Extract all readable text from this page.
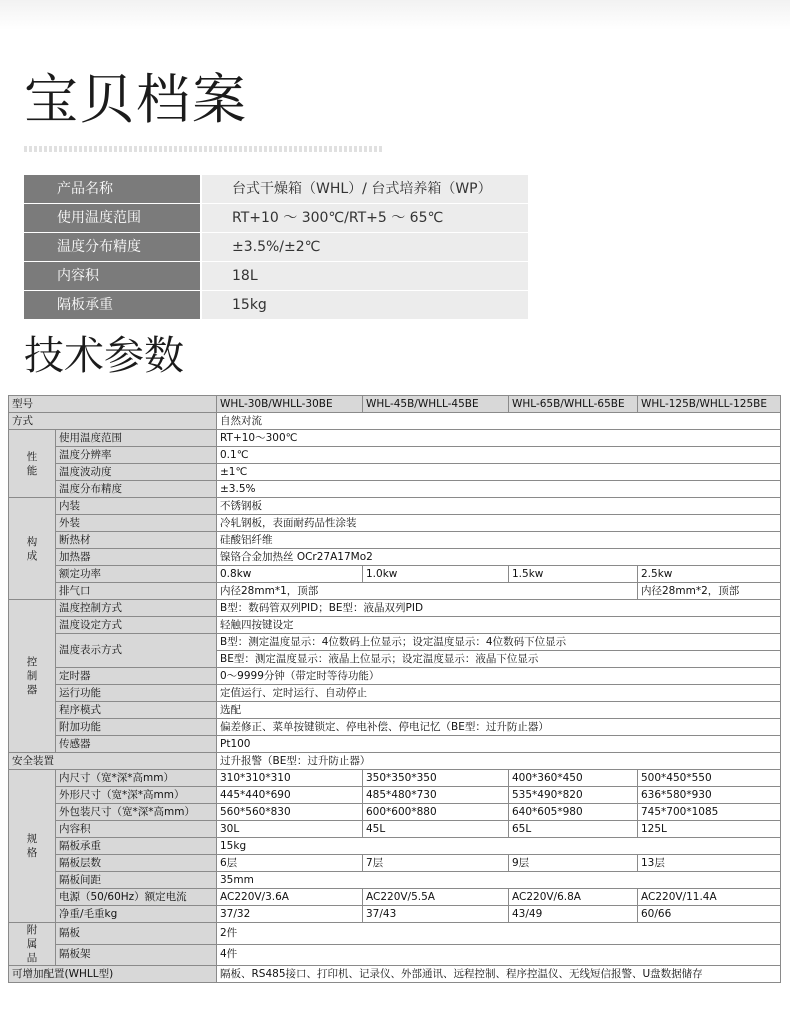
宝贝档案
产品名称	台式干燥箱（WHL）/ 台式培养箱（WP）
使用温度范围	RT+10 ～ 300℃/RT+5 ～ 65℃
温度分布精度	±3.5%/±2℃
内容积	18L
隔板承重	15kg
技术参数
型号		WHL-30B/WHLL-30BE	WHL-45B/WHLL-45BE	WHL-65B/WHLL-65BE	WHL-125B/WHLL-125BE
方式		自然对流			
性
能	使用温度范围	RT+10～300℃			
	温度分辨率	0.1℃			
	温度波动度	±1℃			
	温度分布精度	±3.5%			
构
成	内装	不锈钢板			
	外装	冷轧钢板，表面耐药品性涂装			
	断热材	硅酸铝纤维			
	加热器	镍铬合金加热丝 OCr27A17Mo2			
	额定功率	0.8kw	1.0kw	1.5kw	2.5kw
	排气口	内径28mm*1，顶部			内径28mm*2，顶部
控
制
器	温度控制方式	B型：数码管双列PID；BE型：液晶双列PID			
	温度设定方式	轻触四按键设定			
	温度表示方式	B型：测定温度显示：4位数码上位显示；设定温度显示：4位数码下位显示			
		BE型：测定温度显示：液晶上位显示；设定温度显示：液晶下位显示			
	定时器	0～9999分钟（带定时等待功能）			
	运行功能	定值运行、定时运行、自动停止			
	程序模式	选配			
	附加功能	偏差修正、菜单按键锁定、停电补偿、停电记忆（BE型：过升防止器）			
	传感器	Pt100			
安全装置		过升报警（BE型：过升防止器）			
规
格	内尺寸（宽*深*高mm）	310*310*310	350*350*350	400*360*450	500*450*550
	外形尺寸（宽*深*高mm）	445*440*690	485*480*730	535*490*820	636*580*930
	外包装尺寸（宽*深*高mm）	560*560*830	600*600*880	640*605*980	745*700*1085
	内容积	30L	45L	65L	125L
	隔板承重	15kg			
	隔板层数	6层	7层	9层	13层
	隔板间距	35mm			
	电源（50/60Hz）额定电流	AC220V/3.6A	AC220V/5.5A	AC220V/6.8A	AC220V/11.4A
	净重/毛重kg	37/32	37/43	43/49	60/66
附
属
品	隔板	2件			
	隔板架	4件			
可增加配置(WHLL型)		隔板、RS485接口、打印机、记录仪、外部通讯、远程控制、程序控温仪、无线短信报警、U盘数据储存			
